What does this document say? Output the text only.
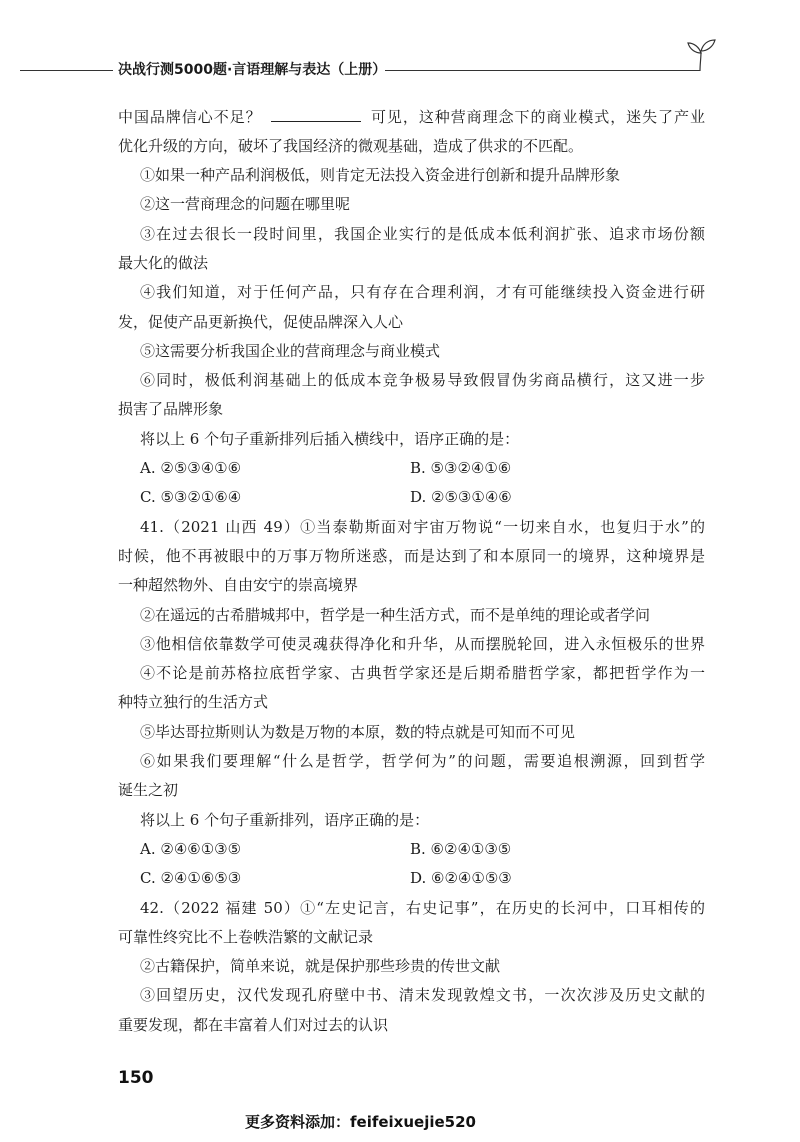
决战行测5000题·言语理解与表达（上册）
中国品牌信心不足？	可见，这种营商理念下的商业模式，迷失了产业
优化升级的方向，破坏了我国经济的微观基础，造成了供求的不匹配。
①如果一种产品利润极低，则肯定无法投入资金进行创新和提升品牌形象
②这一营商理念的问题在哪里呢
③在过去很长一段时间里，我国企业实行的是低成本低利润扩张、追求市场份额
最大化的做法
④我们知道，对于任何产品，只有存在合理利润，才有可能继续投入资金进行研
发，促使产品更新换代，促使品牌深入人心
⑤这需要分析我国企业的营商理念与商业模式
⑥同时，极低利润基础上的低成本竞争极易导致假冒伪劣商品横行，这又进一步
损害了品牌形象
将以上 6 个句子重新排列后插入横线中，语序正确的是：
A. ②⑤③④①⑥	B. ⑤③②④①⑥
C. ⑤③②①⑥④	D. ②⑤③①④⑥
41.（2021 山西 49）①当泰勒斯面对宇宙万物说“一切来自水，也复归于水”的
时候，他不再被眼中的万事万物所迷惑，而是达到了和本原同一的境界，这种境界是
一种超然物外、自由安宁的崇高境界
②在遥远的古希腊城邦中，哲学是一种生活方式，而不是单纯的理论或者学问
③他相信依靠数学可使灵魂获得净化和升华，从而摆脱轮回，进入永恒极乐的世界
④不论是前苏格拉底哲学家、古典哲学家还是后期希腊哲学家，都把哲学作为一
种特立独行的生活方式
⑤毕达哥拉斯则认为数是万物的本原，数的特点就是可知而不可见
⑥如果我们要理解“什么是哲学，哲学何为”的问题，需要追根溯源，回到哲学
诞生之初
将以上 6 个句子重新排列，语序正确的是：
A. ②④⑥①③⑤	B. ⑥②④①③⑤
C. ②④①⑥⑤③	D. ⑥②④①⑤③
42.（2022 福建 50）①“左史记言，右史记事”，在历史的长河中，口耳相传的
可靠性终究比不上卷帙浩繁的文献记录
②古籍保护，简单来说，就是保护那些珍贵的传世文献
③回望历史，汉代发现孔府壁中书、清末发现敦煌文书，一次次涉及历史文献的
重要发现，都在丰富着人们对过去的认识
150
更多资料添加：feifeixuejie520
